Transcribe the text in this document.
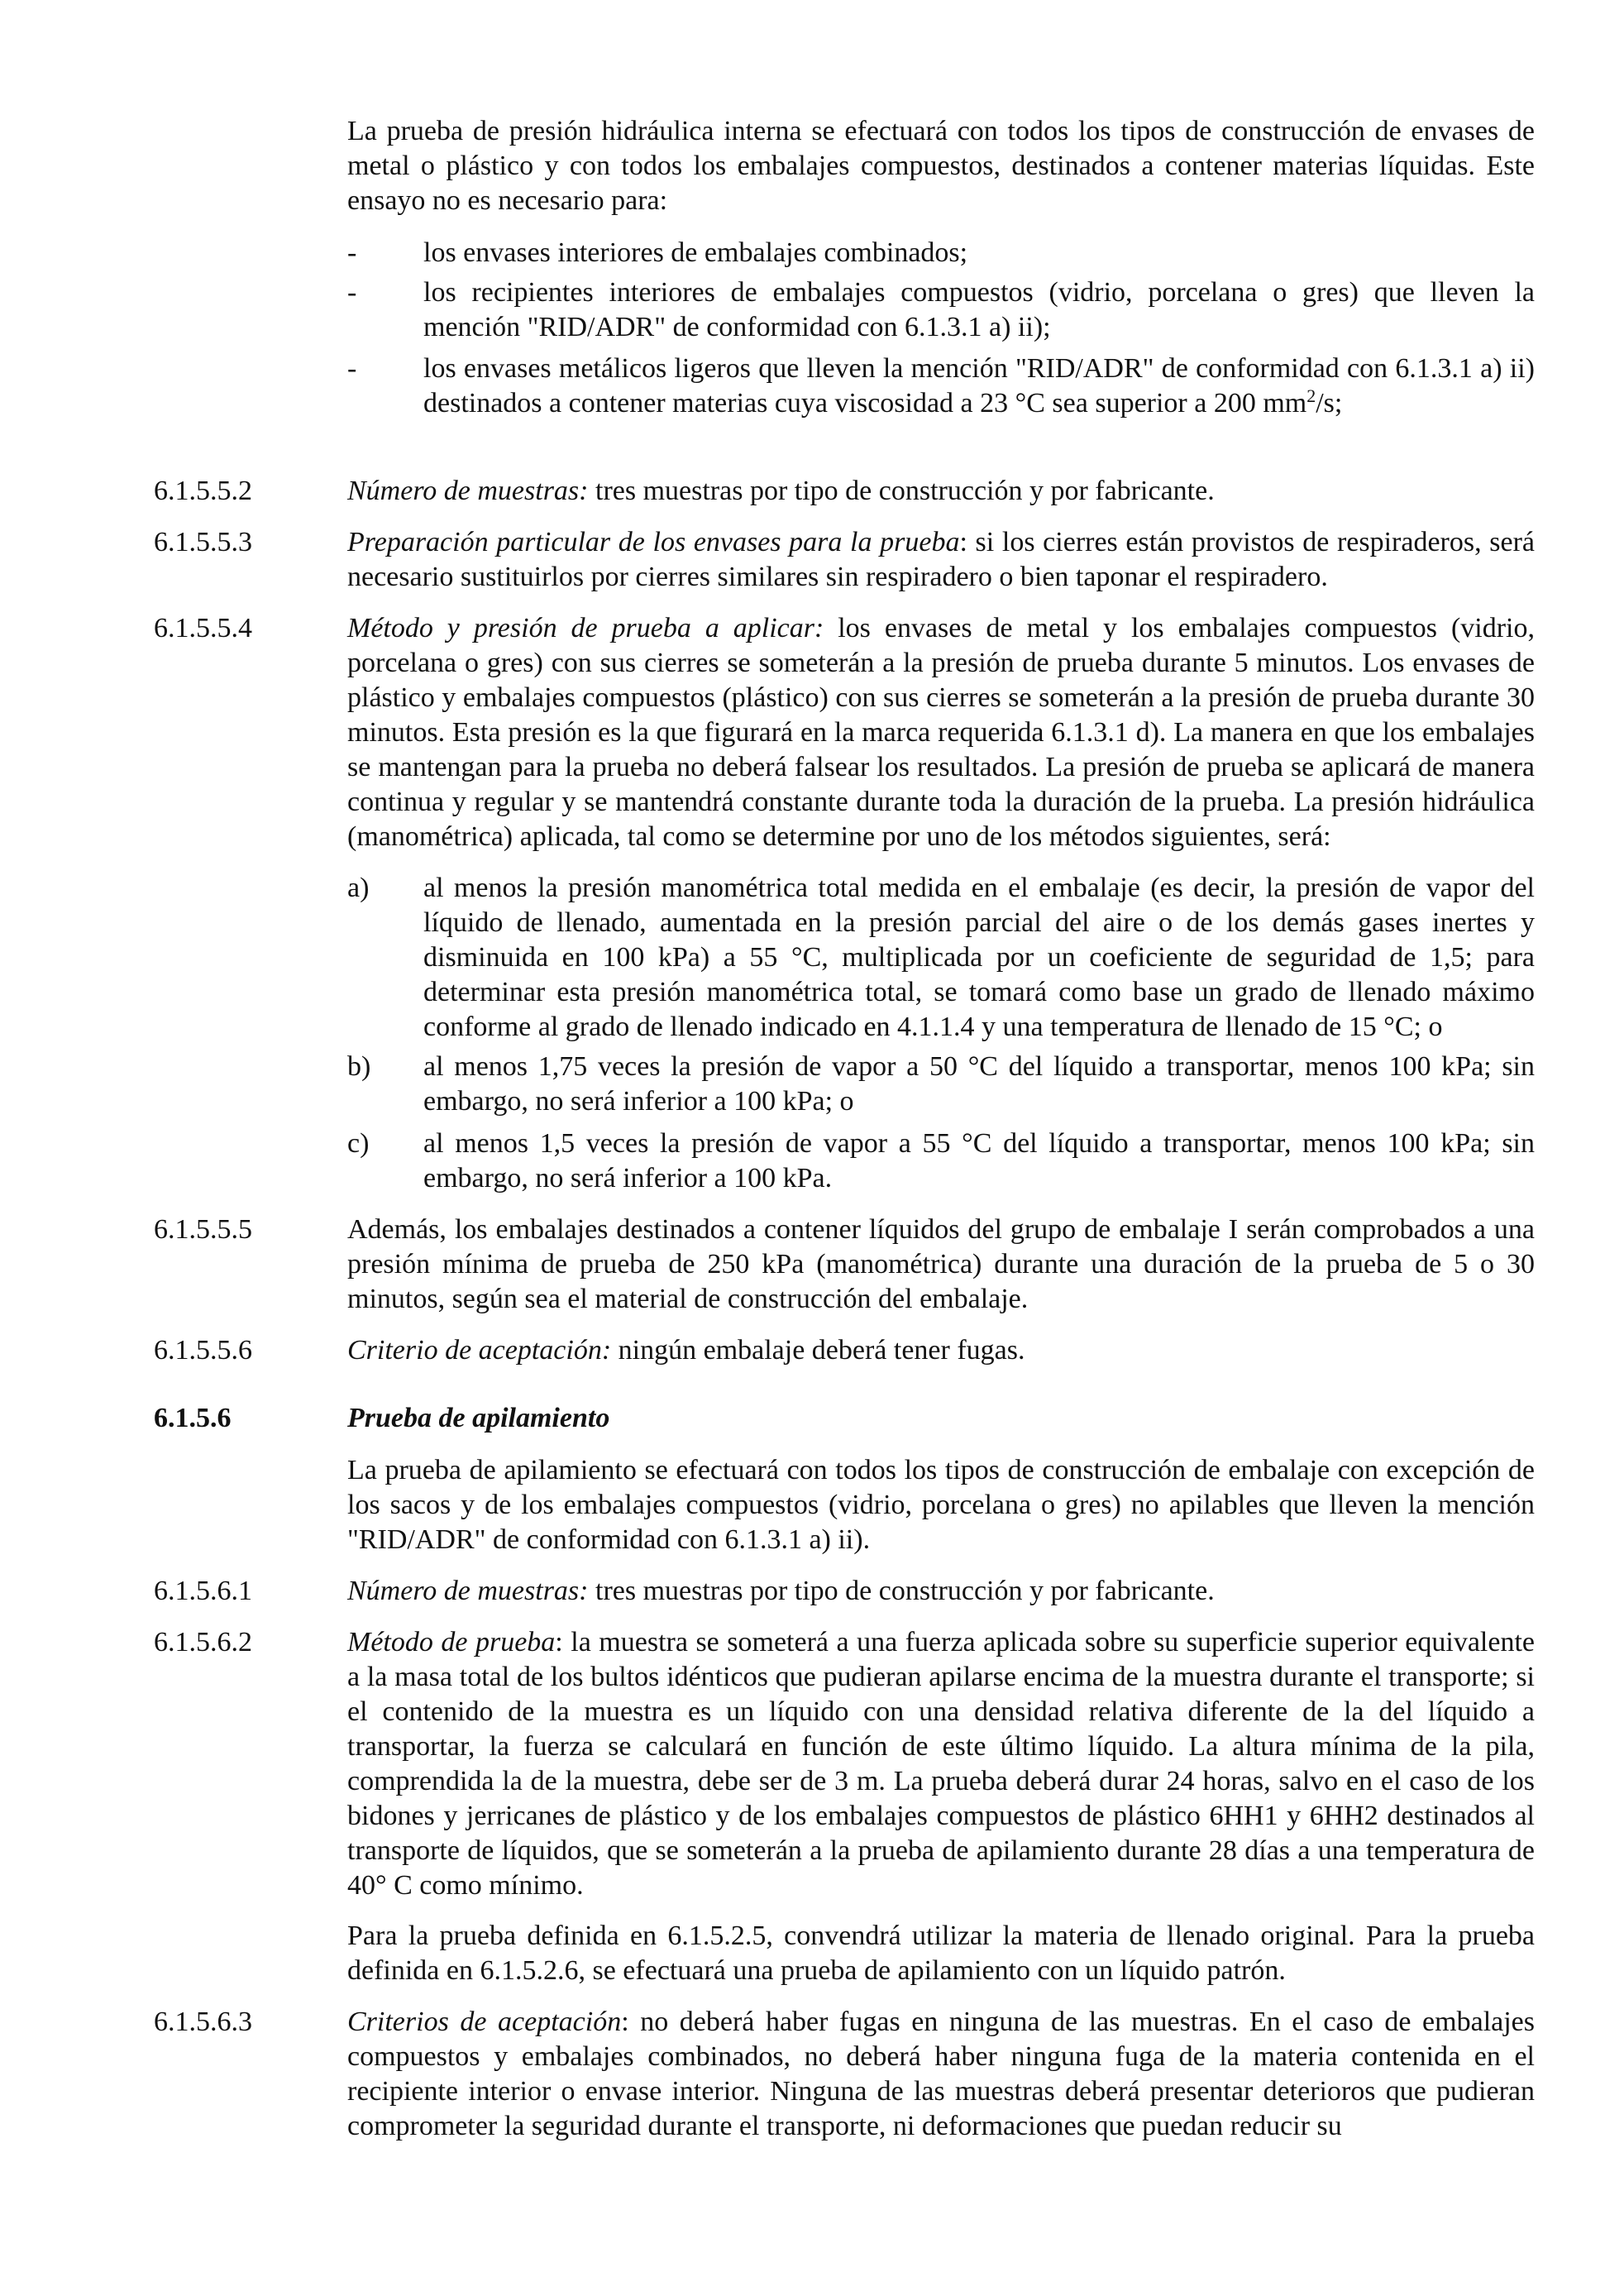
La prueba de presión hidráulica interna se efectuará con todos los tipos de construcción de envases de metal o plástico y con todos los embalajes compuestos, destinados a contener materias líquidas. Este ensayo no es necesario para:

- los envases interiores de embalajes combinados;

- los recipientes interiores de embalajes compuestos (vidrio, porcelana o gres) que lleven la mención "RID/ADR" de conformidad con 6.1.3.1 a) ii);

- los envases metálicos ligeros que lleven la mención "RID/ADR" de conformidad con 6.1.3.1 a) ii) destinados a contener materias cuya viscosidad a 23 °C sea superior a 200 $mm^2/s$;

6.1.5.5.2	Número de muestras: tres muestras por tipo de construcción y por fabricante.

6.1.5.5.3	Preparación particular de los envases para la prueba: si los cierres están provistos de respiraderos, será necesario sustituirlos por cierres similares sin respiradero o bien taponar el respiradero.

6.1.5.5.4	Método y presión de prueba a aplicar: los envases de metal y los embalajes compuestos (vidrio, porcelana o gres) con sus cierres se someterán a la presión de prueba durante 5 minutos. Los envases de plástico y embalajes compuestos (plástico) con sus cierres se someterán a la presión de prueba durante 30 minutos. Esta presión es la que figurará en la marca requerida 6.1.3.1 d). La manera en que los embalajes se mantengan para la prueba no deberá falsear los resultados. La presión de prueba se aplicará de manera continua y regular y se mantendrá constante durante toda la duración de la prueba. La presión hidráulica (manométrica) aplicada, tal como se determine por uno de los métodos siguientes, será:

a) al menos la presión manométrica total medida en el embalaje (es decir, la presión de vapor del líquido de llenado, aumentada en la presión parcial del aire o de los demás gases inertes y disminuida en 100 kPa) a 55 °C, multiplicada por un coeficiente de seguridad de 1,5; para determinar esta presión manométrica total, se tomará como base un grado de llenado máximo conforme al grado de llenado indicado en 4.1.1.4 y una temperatura de llenado de 15 °C; o

b) al menos 1,75 veces la presión de vapor a 50 °C del líquido a transportar, menos 100 kPa; sin embargo, no será inferior a 100 kPa; o

c) al menos 1,5 veces la presión de vapor a 55 °C del líquido a transportar, menos 100 kPa; sin embargo, no será inferior a 100 kPa.

6.1.5.5.5	Además, los embalajes destinados a contener líquidos del grupo de embalaje I serán comprobados a una presión mínima de prueba de 250 kPa (manométrica) durante una duración de la prueba de 5 o 30 minutos, según sea el material de construcción del embalaje.

6.1.5.5.6	Criterio de aceptación: ningún embalaje deberá tener fugas.

6.1.5.6	Prueba de apilamiento

La prueba de apilamiento se efectuará con todos los tipos de construcción de embalaje con excepción de los sacos y de los embalajes compuestos (vidrio, porcelana o gres) no apilables que lleven la mención "RID/ADR" de conformidad con 6.1.3.1 a) ii).

6.1.5.6.1	Número de muestras: tres muestras por tipo de construcción y por fabricante.

6.1.5.6.2	Método de prueba: la muestra se someterá a una fuerza aplicada sobre su superficie superior equivalente a la masa total de los bultos idénticos que pudieran apilarse encima de la muestra durante el transporte; si el contenido de la muestra es un líquido con una densidad relativa diferente de la del líquido a transportar, la fuerza se calculará en función de este último líquido. La altura mínima de la pila, comprendida la de la muestra, debe ser de 3 m. La prueba deberá durar 24 horas, salvo en el caso de los bidones y jerricanes de plástico y de los embalajes compuestos de plástico 6HH1 y 6HH2 destinados al transporte de líquidos, que se someterán a la prueba de apilamiento durante 28 días a una temperatura de 40° C como mínimo.

Para la prueba definida en 6.1.5.2.5, convendrá utilizar la materia de llenado original. Para la prueba definida en 6.1.5.2.6, se efectuará una prueba de apilamiento con un líquido patrón.

6.1.5.6.3	Criterios de aceptación: no deberá haber fugas en ninguna de las muestras. En el caso de embalajes compuestos y embalajes combinados, no deberá haber ninguna fuga de la materia contenida en el recipiente interior o envase interior. Ninguna de las muestras deberá presentar deterioros que pudieran comprometer la seguridad durante el transporte, ni deformaciones que puedan reducir su
